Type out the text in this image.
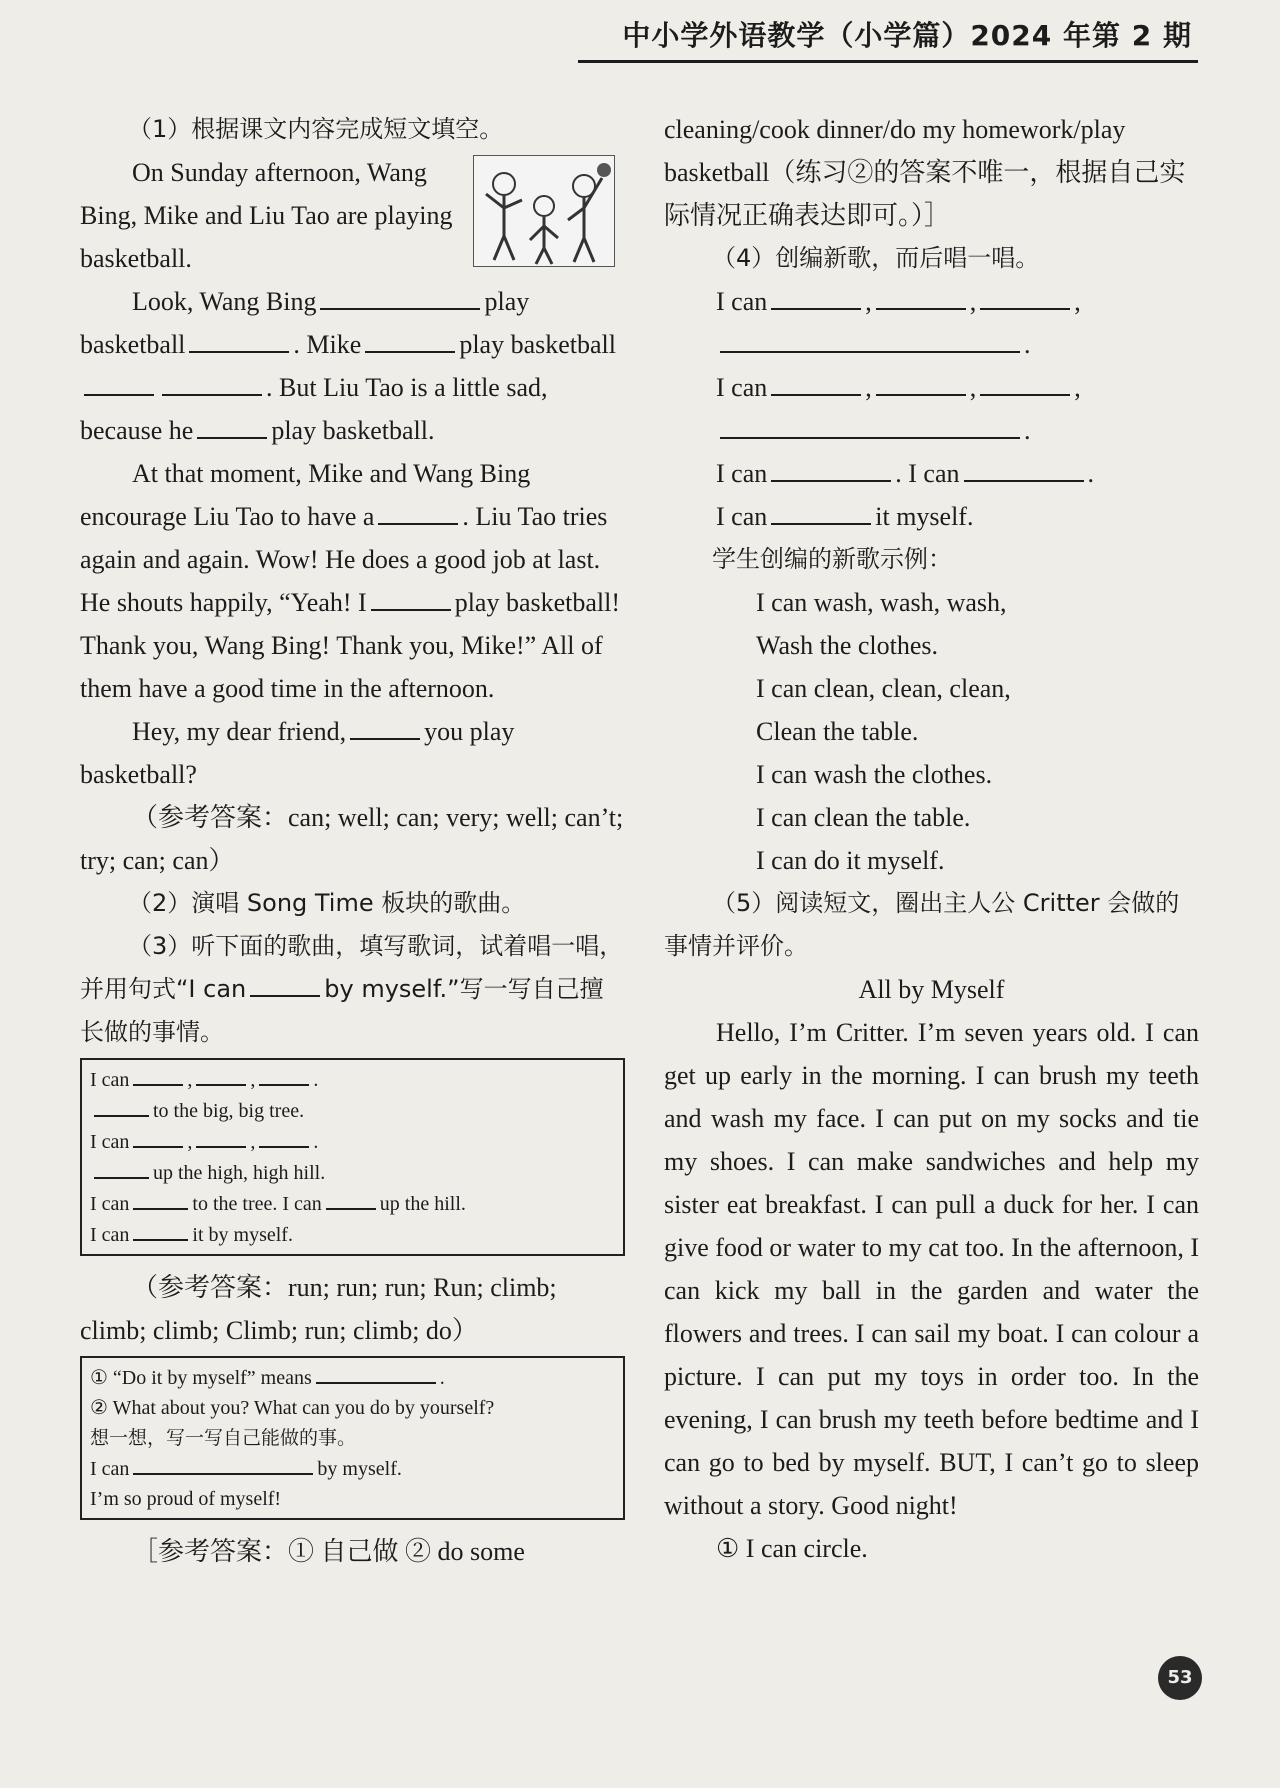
中小学外语教学（小学篇）2024 年第 2 期

（1）根据课文内容完成短文填空。

On Sunday afternoon, Wang Bing, Mike and Liu Tao are playing basketball.

Look, Wang Bing	play basketball	. Mike	play basketball. But Liu Tao is a little sad, because he	play basketball.

At that moment, Mike and Wang Bing encourage Liu Tao to have a	. Liu Tao tries again and again. Wow! He does a good job at last. He shouts happily, “Yeah! I	play basketball! Thank you, Wang Bing! Thank you, Mike!” All of them have a good time in the afternoon.

Hey, my dear friend,	you play basketball?

（参考答案：can; well; can; very; well; can’t; try; can; can）

（2）演唱 Song Time 板块的歌曲。

（3）听下面的歌曲，填写歌词，试着唱一唱，并用句式“I can	by myself.”写一写自己擅长做的事情。

I can	,	,	.
to the big, big tree.
I can	,	,	.
up the high, high hill.
I can	to the tree. I can	up the hill.
I can	it by myself.

（参考答案：run; run; run; Run; climb; climb; climb; Climb; run; climb; do）

① “Do it by myself” means	.
② What about you? What can you do by yourself?
想一想，写一写自己能做的事。
I can	by myself.
I’m so proud of myself!

［参考答案：① 自己做 ② do some

cleaning/cook dinner/do my homework/play basketball（练习②的答案不唯一，根据自己实际情况正确表达即可。）］

（4）创编新歌，而后唱一唱。

I can	,	,	,

.

I can	,	,	,

.

I can	. I can	.

I can	it myself.

学生创编的新歌示例：

I can wash, wash, wash,

Wash the clothes.

I can clean, clean, clean,

Clean the table.

I can wash the clothes.

I can clean the table.

I can do it myself.

（5）阅读短文，圈出主人公 Critter 会做的事情并评价。

All by Myself

Hello, I’m Critter. I’m seven years old. I can get up early in the morning. I can brush my teeth and wash my face. I can put on my socks and tie my shoes. I can make sandwiches and help my sister eat breakfast. I can pull a duck for her. I can give food or water to my cat too. In the afternoon, I can kick my ball in the garden and water the flowers and trees. I can sail my boat. I can colour a picture. I can put my toys in order too. In the evening, I can brush my teeth before bedtime and I can go to bed by myself. BUT, I can’t go to sleep without a story. Good night!

① I can circle.

53
